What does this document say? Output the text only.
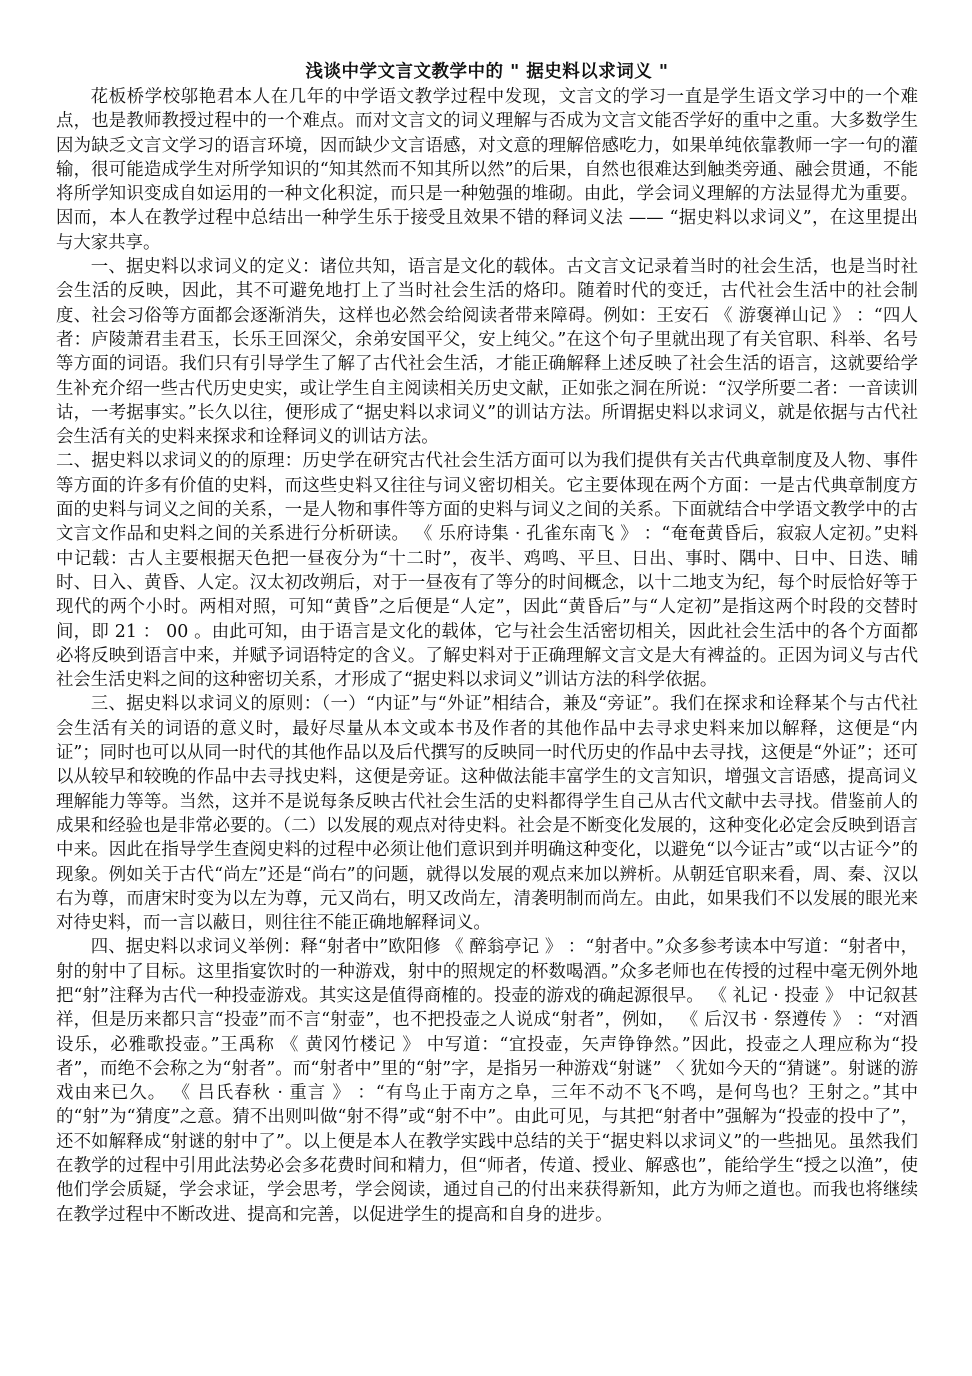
浅谈中学文言文教学中的 " 据史料以求词义 "

花板桥学校邬艳君本人在几年的中学语文教学过程中发现，文言文的学习一直是学生语文学习中的一个难点，也是教师教授过程中的一个难点。而对文言文的词义理解与否成为文言文能否学好的重中之重。大多数学生因为缺乏文言文学习的语言环境，因而缺少文言语感，对文意的理解倍感吃力，如果单纯依靠教师一字一句的灌输，很可能造成学生对所学知识的“知其然而不知其所以然”的后果，自然也很难达到触类旁通、融会贯通，不能将所学知识变成自如运用的一种文化积淀，而只是一种勉强的堆砌。由此，学会词义理解的方法显得尤为重要。因而，本人在教学过程中总结出一种学生乐于接受且效果不错的释词义法 —— “据史料以求词义”，在这里提出与大家共享。

一、据史料以求词义的定义：诸位共知，语言是文化的载体。古文言文记录着当时的社会生活，也是当时社会生活的反映，因此，其不可避免地打上了当时社会生活的烙印。随着时代的变迁，古代社会生活中的社会制度、社会习俗等方面都会逐渐消失，这样也必然会给阅读者带来障碍。例如：王安石 《 游褒禅山记 》 ：“四人者：庐陵萧君圭君玉，长乐王回深父，余弟安国平父，安上纯父。”在这个句子里就出现了有关官职、科举、名号等方面的词语。我们只有引导学生了解了古代社会生活，才能正确解释上述反映了社会生活的语言，这就要给学生补充介绍一些古代历史史实，或让学生自主阅读相关历史文献，正如张之洞在所说：“汉学所要二者：一音读训诂，一考据事实。”长久以往，便形成了“据史料以求词义”的训诂方法。所谓据史料以求词义，就是依据与古代社会生活有关的史料来探求和诠释词义的训诂方法。

二、据史料以求词义的的原理：历史学在研究古代社会生活方面可以为我们提供有关古代典章制度及人物、事件等方面的许多有价值的史料，而这些史料又往往与词义密切相关。它主要体现在两个方面：一是古代典章制度方面的史料与词义之间的关系，一是人物和事件等方面的史料与词义之间的关系。下面就结合中学语文教学中的古文言文作品和史料之间的关系进行分析研读。 《 乐府诗集 · 孔雀东南飞 》 ：“奄奄黄昏后，寂寂人定初。”史料中记载：古人主要根据天色把一昼夜分为“十二时”，夜半、鸡鸣、平旦、日出、事时、隅中、日中、日迭、晡时、日入、黄昏、人定。汉太初改朔后，对于一昼夜有了等分的时间概念，以十二地支为纪，每个时辰恰好等于现代的两个小时。两相对照，可知“黄昏”之后便是“人定”，因此“黄昏后”与“人定初”是指这两个时段的交替时间，即 21 ： 00 。由此可知，由于语言是文化的载体，它与社会生活密切相关，因此社会生活中的各个方面都必将反映到语言中来，并赋予词语特定的含义。了解史料对于正确理解文言文是大有裨益的。正因为词义与古代社会生活史料之间的这种密切关系，才形成了“据史料以求词义”训诂方法的科学依据。

三、据史料以求词义的原则：（一）“内证”与“外证”相结合，兼及“旁证”。我们在探求和诠释某个与古代社会生活有关的词语的意义时，最好尽量从本文或本书及作者的其他作品中去寻求史料来加以解释，这便是“内证”；同时也可以从同一时代的其他作品以及后代撰写的反映同一时代历史的作品中去寻找，这便是“外证”；还可以从较早和较晚的作品中去寻找史料，这便是旁证。这种做法能丰富学生的文言知识，增强文言语感，提高词义理解能力等等。当然，这并不是说每条反映古代社会生活的史料都得学生自己从古代文献中去寻找。借鉴前人的成果和经验也是非常必要的。（二）以发展的观点对待史料。社会是不断变化发展的，这种变化必定会反映到语言中来。因此在指导学生查阅史料的过程中必须让他们意识到并明确这种变化，以避免“以今证古”或“以古证今”的现象。例如关于古代“尚左”还是“尚右”的问题，就得以发展的观点来加以辨析。从朝廷官职来看，周、秦、汉以右为尊，而唐宋时变为以左为尊，元又尚右，明又改尚左，清袭明制而尚左。由此，如果我们不以发展的眼光来对待史料，而一言以蔽日，则往往不能正确地解释词义。

四、据史料以求词义举例：释“射者中”欧阳修 《 醉翁亭记 》 ：“射者中。”众多参考读本中写道：“射者中，射的射中了目标。这里指宴饮时的一种游戏，射中的照规定的杯数喝酒。”众多老师也在传授的过程中毫无例外地把“射”注释为古代一种投壶游戏。其实这是值得商榷的。投壶的游戏的确起源很早。 《 礼记 · 投壶 》 中记叙甚祥，但是历来都只言“投壶”而不言“射壶”，也不把投壶之人说成“射者”，例如， 《 后汉书 · 祭遵传 》 ：“对酒设乐，必雅歌投壶。”王禹称 《 黄冈竹楼记 》 中写道：“宜投壶，矢声铮铮然。”因此，投壶之人理应称为“投者”，而绝不会称之为“射者”。而“射者中”里的“射”字，是指另一种游戏“射谜” 〈 犹如今天的“猜谜”。射谜的游戏由来已久。 《 吕氏春秋 · 重言 》 ：“有鸟止于南方之阜，三年不动不飞不鸣，是何鸟也？王射之。”其中的“射”为“猜度”之意。猜不出则叫做“射不得”或“射不中”。由此可见，与其把“射者中”强解为“投壶的投中了”，还不如解释成“射谜的射中了”。以上便是本人在教学实践中总结的关于“据史料以求词义”的一些拙见。虽然我们在教学的过程中引用此法势必会多花费时间和精力，但“师者，传道、授业、解惑也”，能给学生“授之以渔”，使他们学会质疑，学会求证，学会思考，学会阅读，通过自己的付出来获得新知，此方为师之道也。而我也将继续在教学过程中不断改进、提高和完善，以促进学生的提高和自身的进步。
